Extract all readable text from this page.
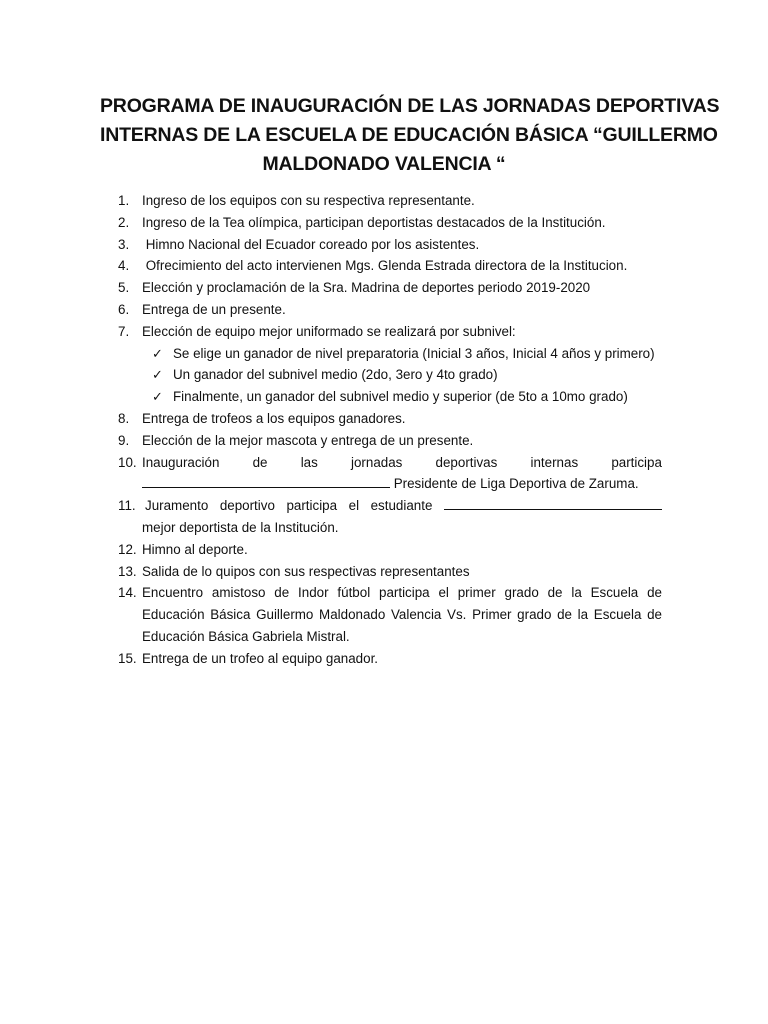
PROGRAMA DE INAUGURACIÓN DE LAS JORNADAS DEPORTIVAS
INTERNAS DE LA ESCUELA DE EDUCACIÓN BÁSICA “GUILLERMO
MALDONADO VALENCIA “
1. Ingreso de los equipos con su respectiva representante.
2. Ingreso de la Tea olímpica, participan deportistas destacados de la Institución.
3. Himno Nacional del Ecuador coreado por los asistentes.
4. Ofrecimiento del acto intervienen Mgs. Glenda Estrada directora de la Institucion.
5. Elección y proclamación de la Sra. Madrina de deportes periodo 2019-2020
6. Entrega de un presente.
7. Elección de equipo mejor uniformado se realizará por subnivel:
✓ Se elige un ganador de nivel preparatoria (Inicial 3 años, Inicial 4 años y primero)
✓ Un ganador del subnivel medio (2do, 3ero y 4to grado)
✓ Finalmente, un ganador del subnivel medio y superior (de 5to a 10mo grado)
8. Entrega de trofeos a los equipos ganadores.
9. Elección de la mejor mascota y entrega de un presente.
10. Inauguración de las jornadas deportivas internas participa
Presidente de Liga Deportiva de Zaruma.
11. Juramento deportivo participa el estudiante
mejor deportista de la Institución.
12. Himno al deporte.
13. Salida de lo quipos con sus respectivas representantes
14. Encuentro amistoso de Indor fútbol participa el primer grado de la Escuela de Educación Básica Guillermo Maldonado Valencia Vs. Primer grado de la Escuela de Educación Básica Gabriela Mistral.
15. Entrega de un trofeo al equipo ganador.
